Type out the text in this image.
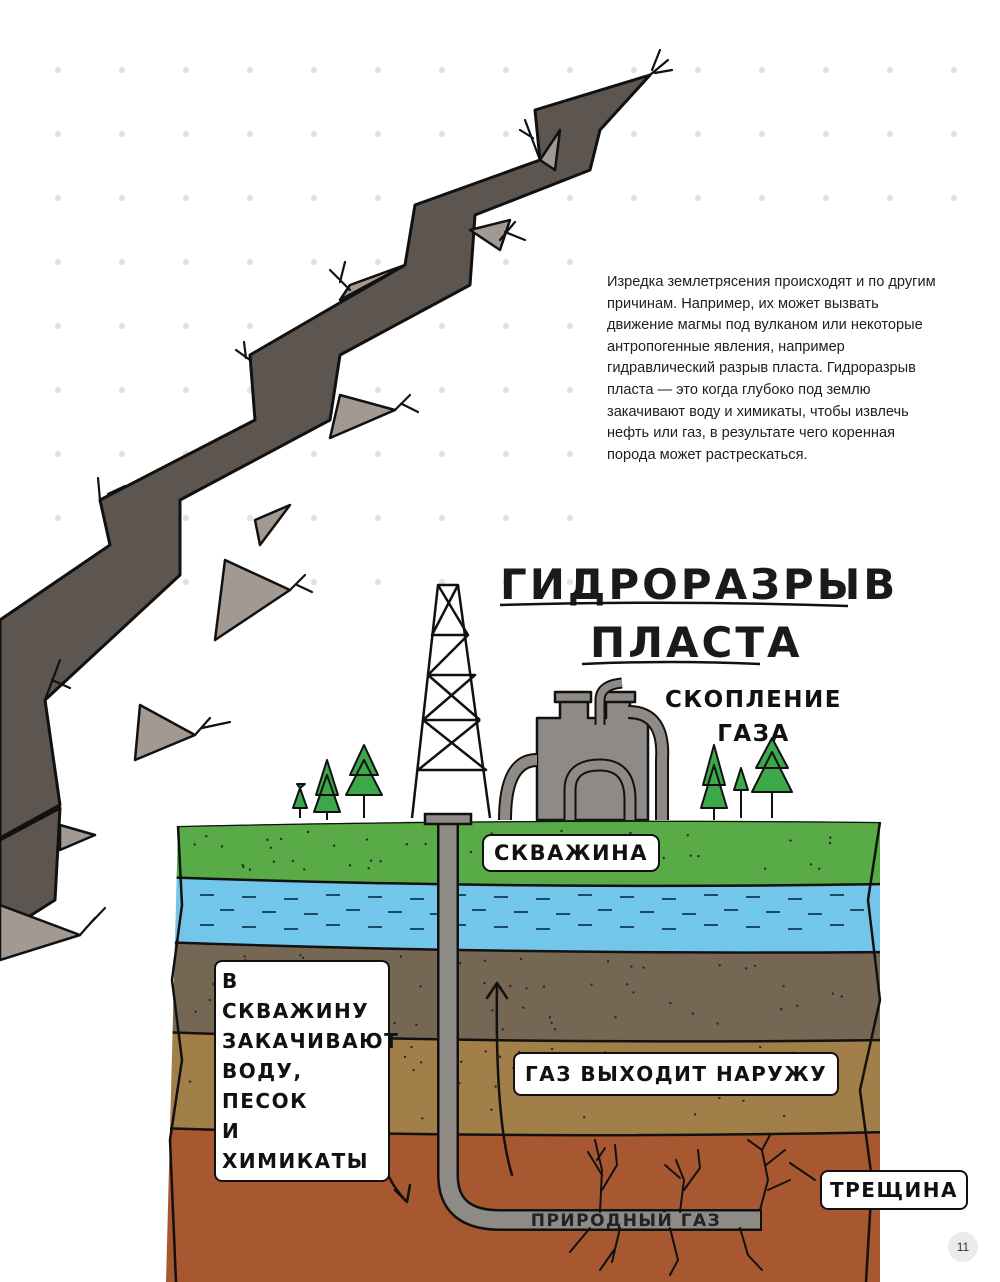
Изредка землетрясения происходят и по другим причинам. Например, их может вызвать движение магмы под вулканом или некоторые антропогенные явления, например гидравлический разрыв пласта. Гидроразрыв пласта — это когда глубоко под землю закачивают воду и химикаты, чтобы извлечь нефть или газ, в результате чего коренная порода может растрескаться.
ГИДРОРАЗРЫВ
ПЛАСТА
СКОПЛЕНИЕ
ГАЗА
СКВАЖИНА
В СКВАЖИНУ
ЗАКАЧИВАЮТ
ВОДУ, ПЕСОК
И ХИМИКАТЫ
ГАЗ ВЫХОДИТ НАРУЖУ
ТРЕЩИНА
ПРИРОДНЫЙ ГАЗ
11
